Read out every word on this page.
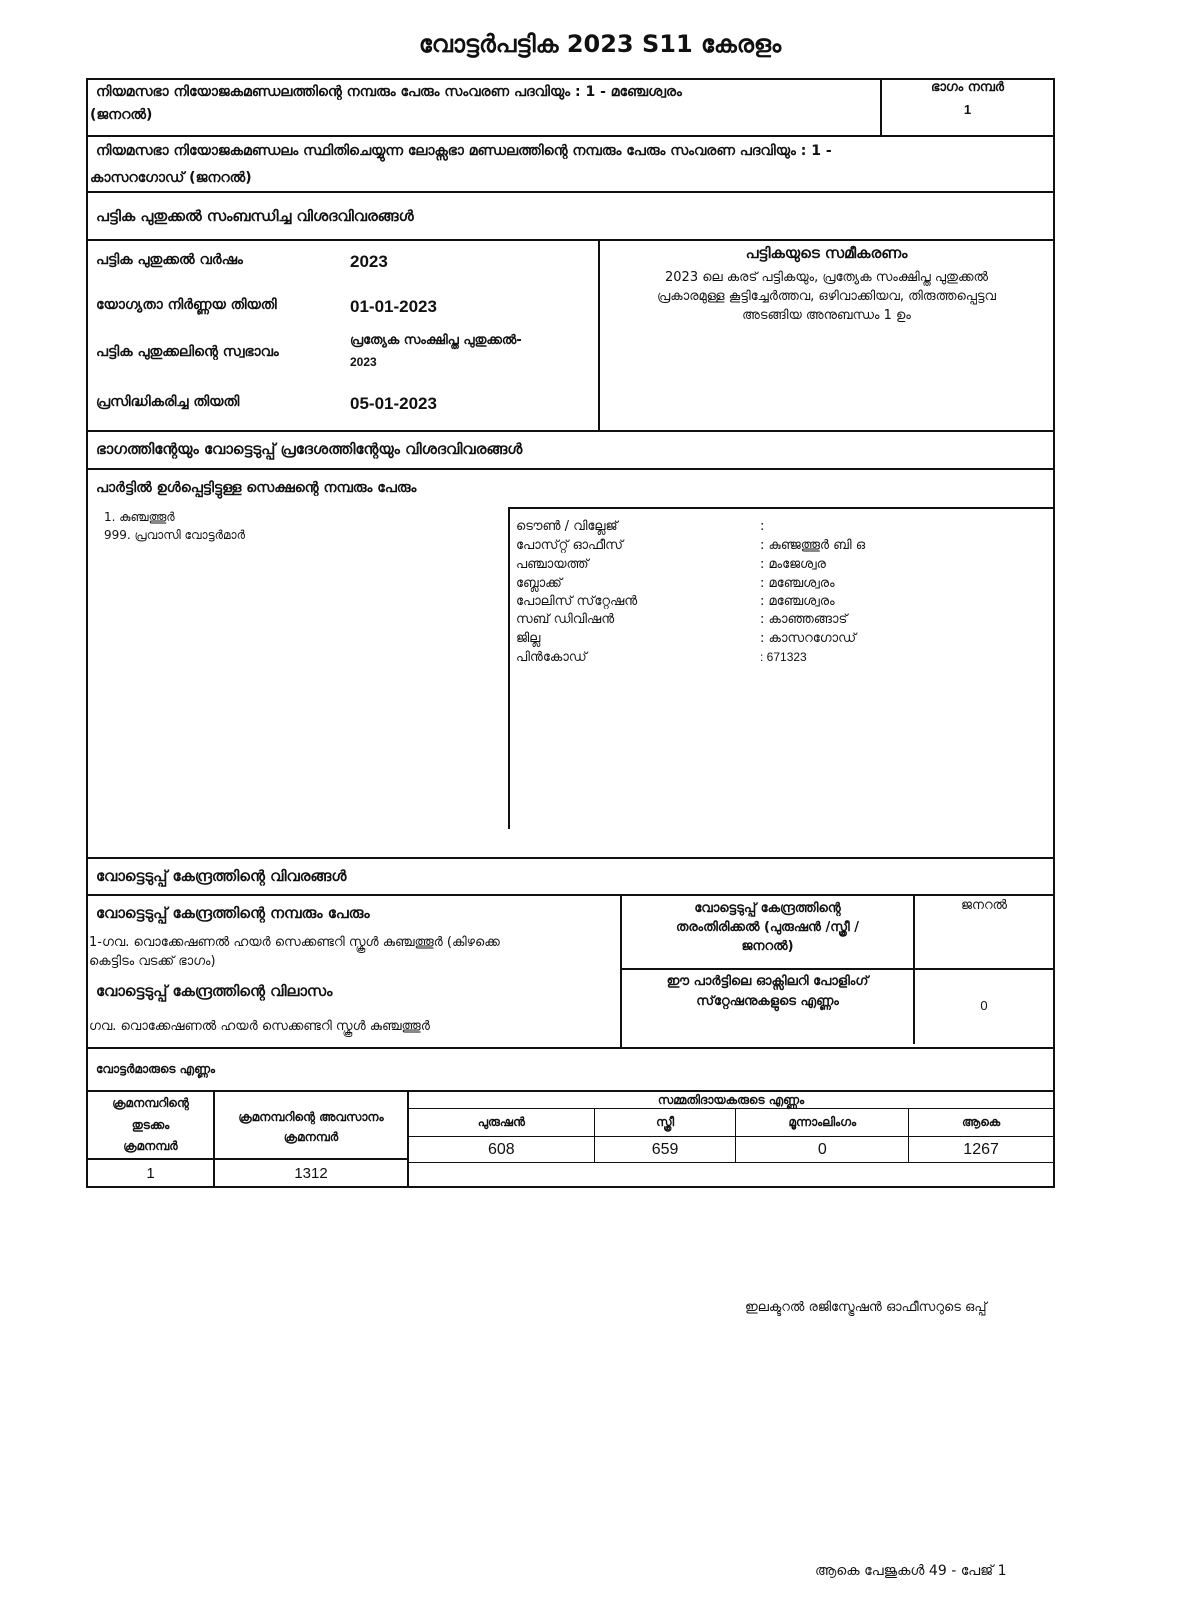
വോട്ടർപട്ടിക 2023 S11 കേരളം
നിയമസഭാ നിയോജകമണ്ഡലത്തിന്റെ നമ്പരും പേരും സംവരണ പദവിയും : 1 - മഞ്ചേശ്വരം
(ജനറൽ)
ഭാഗം നമ്പർ
1
നിയമസഭാ നിയോജകമണ്ഡലം സ്ഥിതിചെയ്യുന്ന ലോക്സഭാ മണ്ഡലത്തിന്റെ നമ്പരും പേരും സംവരണ പദവിയും : 1 -
കാസറഗോഡ് (ജനറൽ)
പട്ടിക പുതുക്കൽ സംബന്ധിച്ച വിശദവിവരങ്ങൾ
പട്ടിക പുതുക്കൽ വർഷം	2023
യോഗ്യതാ നിർണ്ണയ തിയതി	01-01-2023
പട്ടിക പുതുക്കലിന്റെ സ്വഭാവം
പ്രത്യേക സംക്ഷിപ്ത പുതുക്കൽ-
2023
പ്രസിദ്ധികരിച്ച തിയതി	05-01-2023
പട്ടികയുടെ സമീകരണം
2023 ലെ കരട് പട്ടികയും, പ്രത്യേക സംക്ഷിപ്ത പുതുക്കൽ
പ്രകാരമുള്ള കൂട്ടിച്ചേർത്തവ, ഒഴിവാക്കിയവ, തിരുത്തപ്പെട്ടവ
അടങ്ങിയ അനുബന്ധം 1 ഉം
ഭാഗത്തിന്റേയും വോട്ടെടുപ്പ് പ്രദേശത്തിന്റേയും വിശദവിവരങ്ങൾ
പാർട്ടിൽ ഉൾപ്പെട്ടിട്ടുള്ള സെക്ഷന്റെ നമ്പരും പേരും
1. കുഞ്ചത്തൂർ
999. പ്രവാസി വോട്ടർമാർ
ടൌൺ / വില്ലേജ്	:
പോസ്‌റ്റ് ഓഫീസ്	: കുഞ്ജത്തൂർ ബി ഒ
പഞ്ചായത്ത്	: മംജേശ്വര
ബ്ലോക്ക്	: മഞ്ചേശ്വരം
പോലിസ് സ്‌റ്റേഷൻ	: മഞ്ചേശ്വരം
സബ് ഡിവിഷൻ	: കാഞ്ഞങ്ങാട്
ജില്ല	: കാസറഗോഡ്
പിൻകോഡ്	: 671323
വോട്ടെടുപ്പ് കേന്ദ്രത്തിന്റെ വിവരങ്ങൾ
വോട്ടെടുപ്പ് കേന്ദ്രത്തിന്റെ നമ്പരും പേരും
1-ഗവ. വൊക്കേഷണൽ ഹയർ സെക്കണ്ടറി സ്കൂൾ കുഞ്ചത്തൂർ (കിഴക്കെ
കെട്ടിടം വടക്ക് ഭാഗം)
വോട്ടെടുപ്പ് കേന്ദ്രത്തിന്റെ വിലാസം
ഗവ. വൊക്കേഷണൽ ഹയർ സെക്കണ്ടറി സ്കൂൾ കുഞ്ചത്തൂർ
വോട്ടെടുപ്പ് കേന്ദ്രത്തിന്റെ
തരംതിരിക്കൽ (പുരുഷൻ /സ്ത്രീ /
ജനറൽ)
ജനറൽ
ഈ പാർട്ടിലെ ഓക്സിലറി പോളിംഗ്
സ്‌റ്റേഷനുകളുടെ എണ്ണം	0
വോട്ടർമാരുടെ എണ്ണം
ക്രമനമ്പറിന്റെ
തുടക്കം
ക്രമനമ്പർ
ക്രമനമ്പറിന്റെ അവസാനം
ക്രമനമ്പർ
1	1312
സമ്മതിദായകരുടെ എണ്ണം			
പുരുഷൻ	സ്ത്രീ	മൂന്നാംലിംഗം	ആകെ
608	659	0	1267
ഇലക്ടറൽ രജിസ്ട്രേഷൻ ഓഫീസറുടെ ഒപ്പ്
ആകെ പേജുകൾ 49 - പേജ് 1
